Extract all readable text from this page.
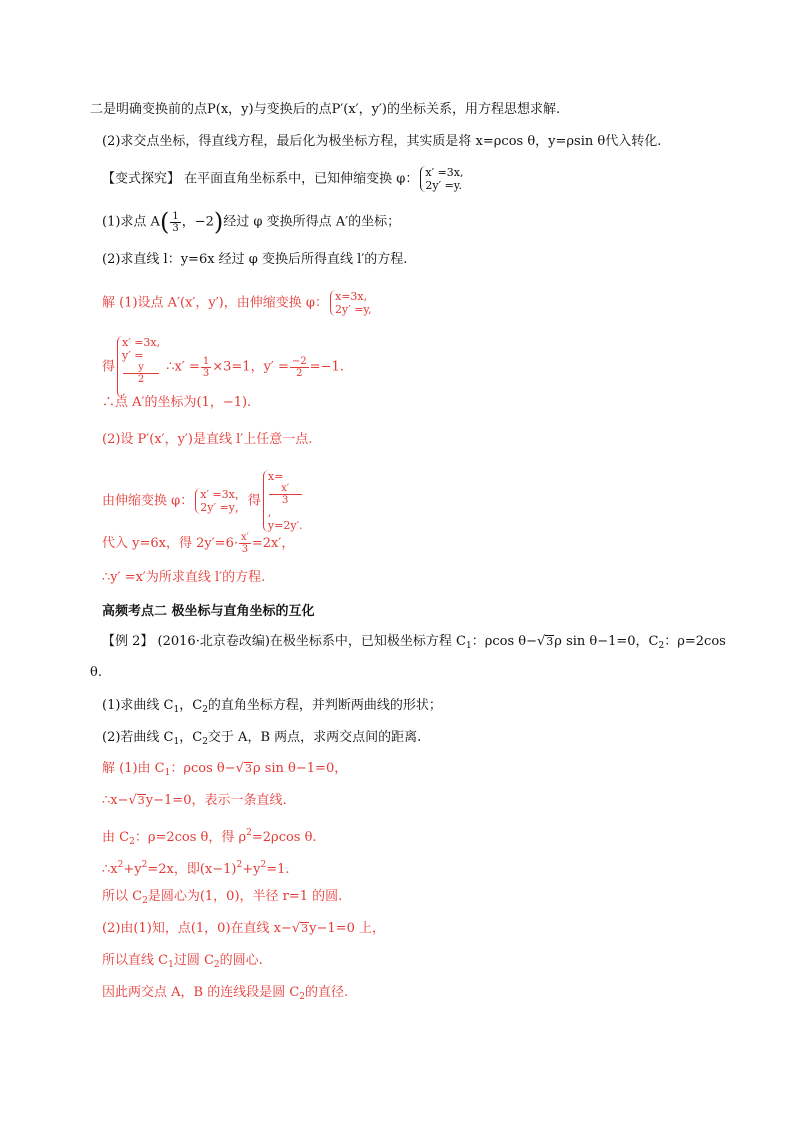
二是明确变换前的点P(x，y)与变换后的点P′(x′，y′)的坐标关系，用方程思想求解.
(2)求交点坐标，得直线方程，最后化为极坐标方程，其实质是将 x=ρcos θ，y=ρsin θ代入转化.
【变式探究】 在平面直角坐标系中，已知伸缩变换 φ： x′ =3x,
2y′ =y.
(1)求点 $A( \frac{1}{3}$ ，−2)经过 φ 变换所得点 A′的坐标；
(2)求直线 l：y=6x 经过 φ 变换后所得直线 l′的方程.
解 (1)设点 A′(x′，y′)，由伸缩变换 φ： x=3x,
2y′ =y,
得
x′ =3x,
y′ =
y
2
,
∴x′ = $\frac{1}{3} \times 3=1$，$y' = \frac{-2}{2} =-1$.
∴点 A′的坐标为(1，−1).
(2)设 P′(x′，y′)是直线 l′上任意一点.
由伸缩变换 φ： x′ =3x，
2y′ =y， 得
x=
x′
3
,
y=2y′.
代入 y=6x，得 $2y'=6\cdot \frac{x'}{3} =2x'$，
∴y′ =x′为所求直线 l′的方程.
高频考点二 极坐标与直角坐标的互化
【例 2】 (2016·北京卷改编)在极坐标系中，已知极坐标方程 $C_1$：ρcos θ−√3ρ sin θ−1=0，$C_2$：ρ=2cos
θ.
(1)求曲线 $C_1$，$C_2$的直角坐标方程，并判断两曲线的形状；
(2)若曲线 $C_1$，$C_2$交于 A，B 两点，求两交点间的距离.
解 (1)由 $C_1$：ρcos θ−√3ρ sin θ−1=0，
∴x−√3y−1=0，表示一条直线.
由 $C_2$：ρ=2cos θ，得 $\rho^2=2\rho\cos$ θ.
$\therefore x^2+y^2=2x$，即$(x-1)^2+y^2=1$.
所以 $C_2$是圆心为(1，0)，半径 r=1 的圆.
(2)由(1)知，点(1，0)在直线 x−√3y−1=0 上，
所以直线 $C_1$过圆 $C_2$的圆心.
因此两交点 A，B 的连线段是圆 $C_2$的直径.
